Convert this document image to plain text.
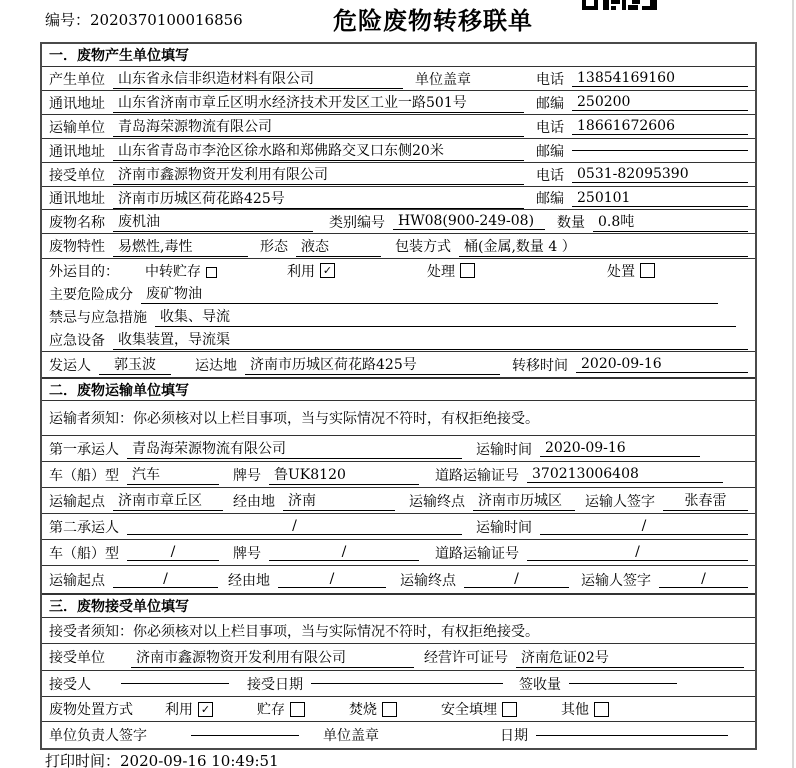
编号：2020370100016856	危险废物转移联单
一．废物产生单位填写
产生单位 山东省永信非织造材料有限公司	单位盖章	电话 13854169160
通讯地址 山东省济南市章丘区明水经济技术开发区工业一路501号	邮编 250200
运输单位 青岛海荣源物流有限公司	电话 18661672606
通讯地址 山东省青岛市李沧区徐水路和郑佛路交叉口东侧20米	邮编
接受单位 济南市鑫源物资开发利用有限公司	电话 0531-82095390
通讯地址 济南市历城区荷花路425号	邮编 250101
废物名称 废机油	类别编号 HW08(900-249-08)	数量 0.8吨
废物特性 易燃性,毒性	形态 液态	包装方式 桶(金属,数量 4 ）
外运目的： 中转贮存	利用 ✓	处理	处置
主要危险成分 废矿物油
禁忌与应急措施 收集、导流
应急设备 收集装置，导流渠
发运人	郭玉波	运达地 济南市历城区荷花路425号	转移时间 2020-09-16
二．废物运输单位填写
运输者须知：你必须核对以上栏目事项，当与实际情况不符时，有权拒绝接受。
第一承运人 青岛海荣源物流有限公司	运输时间 2020-09-16
车（船）型 汽车	牌号 鲁UK8120	道路运输证号 370213006408
运输起点 济南市章丘区	经由地 济南	运输终点 济南市历城区	运输人签字	张春雷
第二承运人	/	运输时间	/
车（船）型	/	牌号	/	道路运输证号	/
运输起点	/	经由地	/	运输终点	/	运输人签字	/
三．废物接受单位填写
接受者须知：你必须核对以上栏目事项，当与实际情况不符时，有权拒绝接受。
接受单位	济南市鑫源物资开发利用有限公司	经营许可证号 济南危证02号
接受人	接受日期	签收量
废物处置方式 利用 ✓	贮存	焚烧	安全填埋	其他
单位负责人签字	单位盖章	日期
打印时间：2020-09-16 10:49:51
